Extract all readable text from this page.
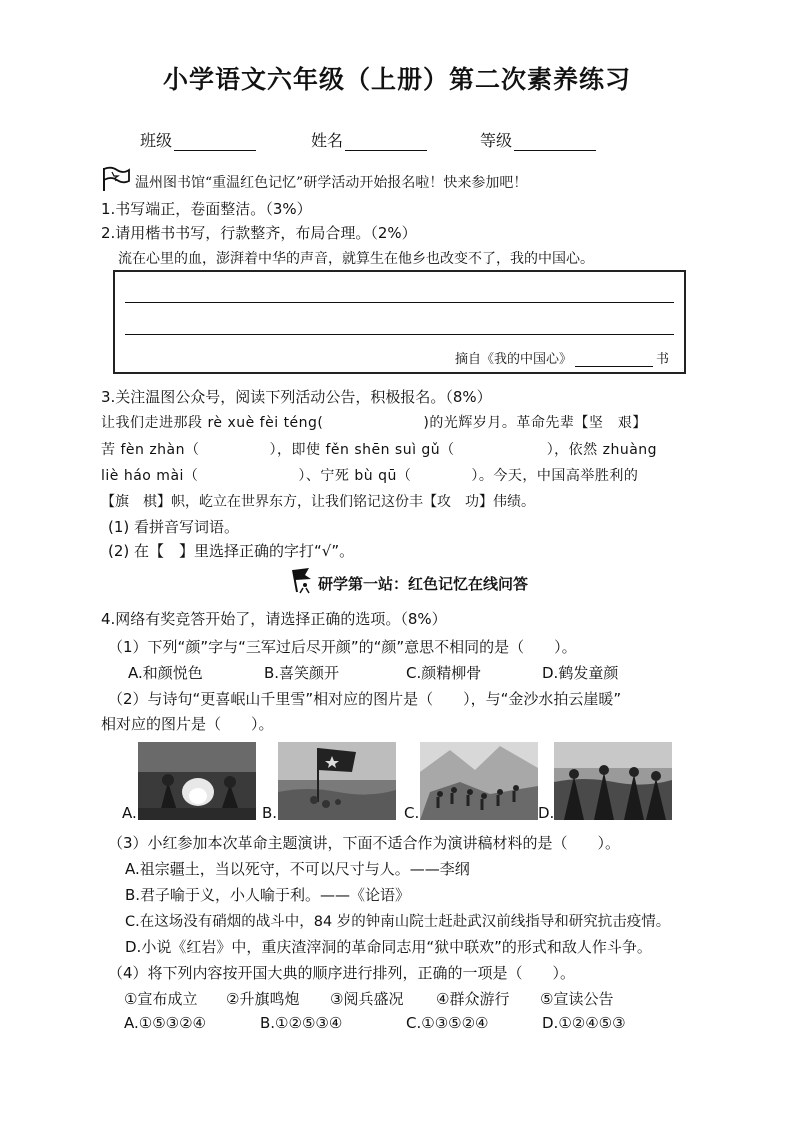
小学语文六年级（上册）第二次素养练习
班级	姓名	等级
温州图书馆“重温红色记忆”研学活动开始报名啦！快来参加吧！
1.书写端正，卷面整洁。（3%）
2.请用楷书书写，行款整齐，布局合理。（2%）
流在心里的血，澎湃着中华的声音，就算生在他乡也改变不了，我的中国心。
摘自《我的中国心》	书
3.关注温图公众号，阅读下列活动公告，积极报名。（8%）
让我们走进那段 rè xuè fèi téng(	)的光辉岁月。革命先辈【坚　艰】
苦 fèn zhàn（	），即使 fěn shēn suì gǔ（	），依然 zhuàng
liè háo mài（	）、宁死 bù qū（	）。今天，中国高举胜利的
【旗　棋】帜，屹立在世界东方，让我们铭记这份丰【攻　功】伟绩。
(1) 看拼音写词语。
(2) 在【　】里选择正确的字打“√”。
研学第一站：红色记忆在线问答
4.网络有奖竞答开始了，请选择正确的选项。（8%）
（1）下列“颜”字与“三军过后尽开颜”的“颜”意思不相同的是（　　）。
A.和颜悦色	B.喜笑颜开	C.颜精柳骨	D.鹤发童颜
（2）与诗句“更喜岷山千里雪”相对应的图片是（　　），与“金沙水拍云崖暖”
相对应的图片是（　　）。
A.	B.	C.	D.
（3）小红参加本次革命主题演讲，下面不适合作为演讲稿材料的是（　　）。
A.祖宗疆土，当以死守，不可以尺寸与人。——李纲
B.君子喻于义，小人喻于利。——《论语》
C.在这场没有硝烟的战斗中，84 岁的钟南山院士赶赴武汉前线指导和研究抗击疫情。
D.小说《红岩》中，重庆渣滓洞的革命同志用“狱中联欢”的形式和敌人作斗争。
（4）将下列内容按开国大典的顺序进行排列，正确的一项是（　　）。
①宣布成立 ②升旗鸣炮 ③阅兵盛况 ④群众游行 ⑤宣读公告
A.①⑤③②④	B.①②⑤③④	C.①③⑤②④	D.①②④⑤③
